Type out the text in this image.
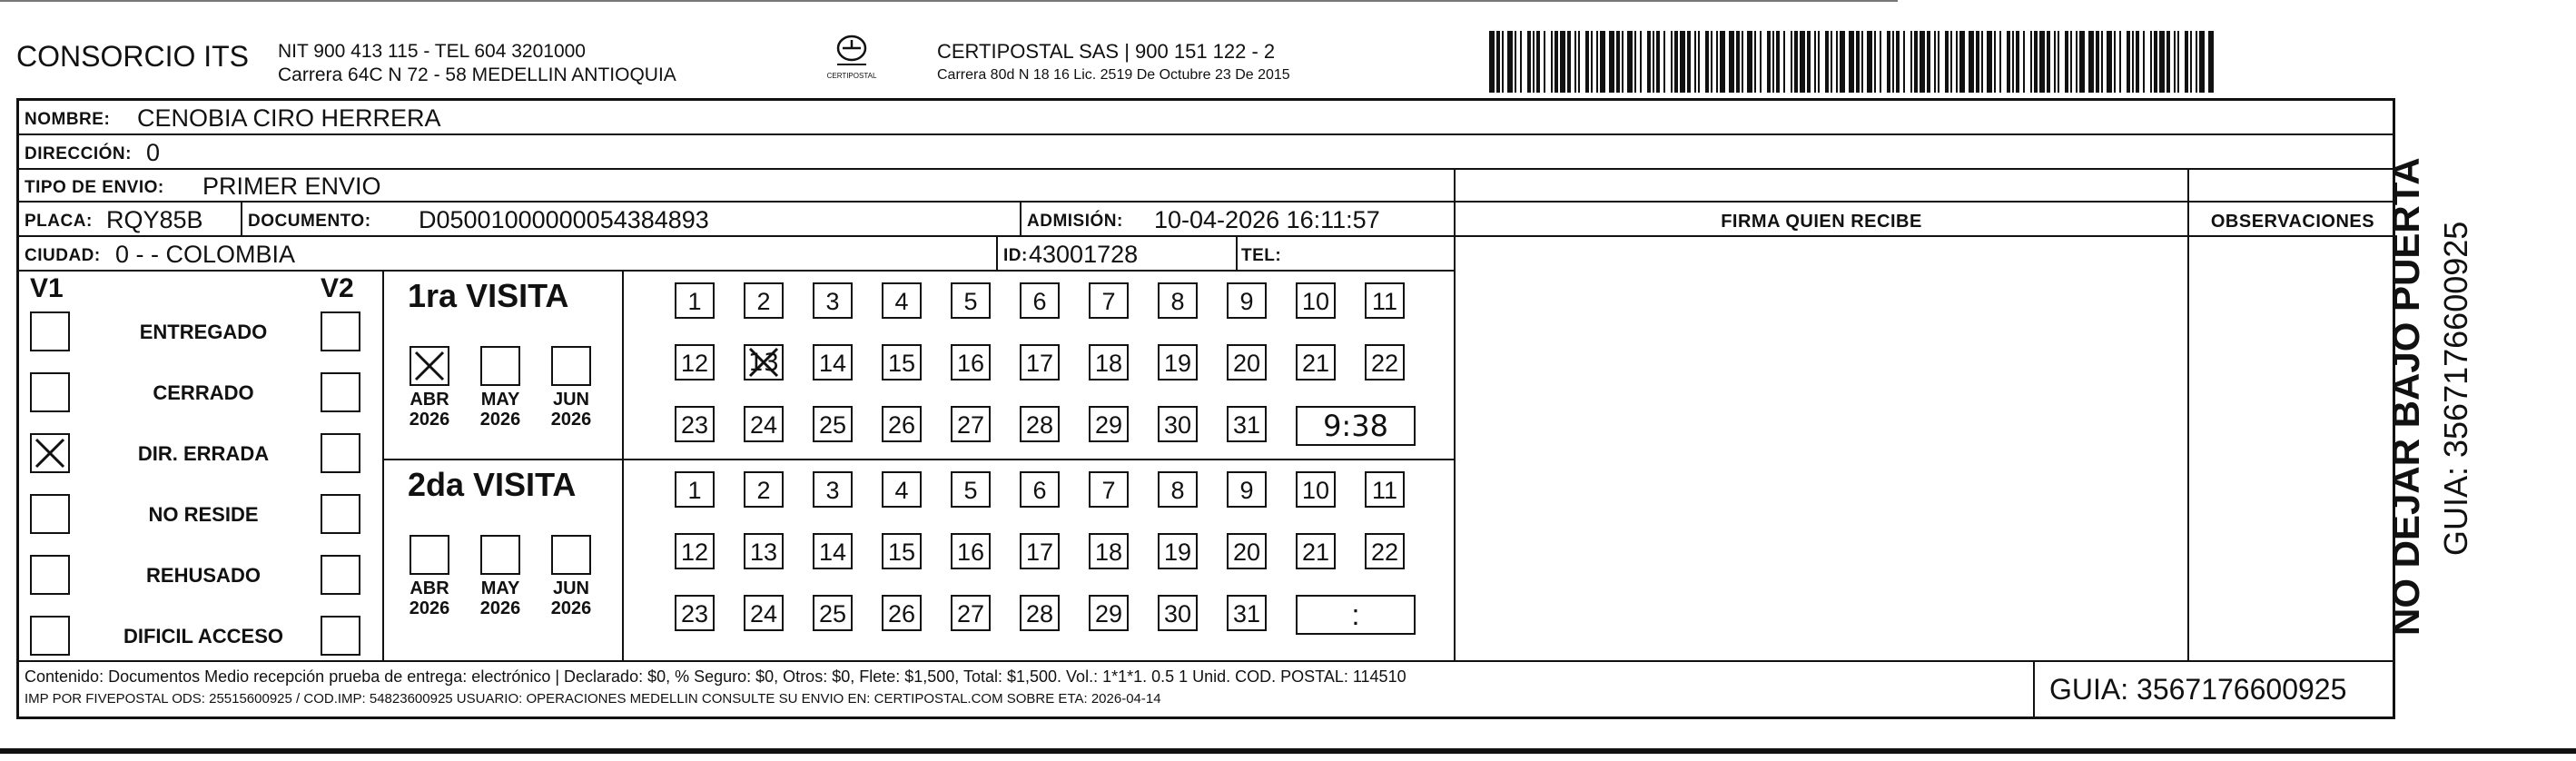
CONSORCIO ITS NIT 900 413 115 - TEL 604 3201000
Carrera 64C N 72 - 58 MEDELLIN ANTIOQUIA	CERTIPOSTAL
CERTIPOSTAL SAS | 900 151 122 - 2
Carrera 80d N 18 16 Lic. 2519 De Octubre 23 De 2015
NOMBRE: CENOBIA CIRO HERRERA
DIRECCIÓN: 0
TIPO DE ENVIO: PRIMER ENVIO
PLACA: RQY85B	DOCUMENTO: D05001000000054384893	ADMISIÓN: 10-04-2026 16:11:57
CIUDAD: 0 - - COLOMBIA	ID: 43001728	TEL:
FIRMA QUIEN RECIBE	OBSERVACIONES
V1	V2
ENTREGADO
CERRADO
DIR. ERRADA
NO RESIDE
REHUSADO
DIFICIL ACCESO
1ra VISITA
ABR
2026
MAY
2026
JUN
2026
1	2	3	4	5	6	7	8	9	10 11
12 13 14 15 16 17 18 19 20 21 22
23 24 25 26 27 28 29 30 31	9:38
2da VISITA
ABR
2026
MAY
2026
JUN
2026
1	2	3	4	5	6	7	8	9	10 11
12 13 14 15 16 17 18 19 20 21 22
23 24 25 26 27 28 29 30 31	:
Contenido: Documentos Medio recepción prueba de entrega: electrónico | Declarado: $0, % Seguro: $0, Otros: $0, Flete: $1,500, Total: $1,500. Vol.: 1*1*1. 0.5 1 Unid. COD. POSTAL: 114510
IMP POR FIVEPOSTAL ODS: 25515600925 / COD.IMP: 54823600925 USUARIO: OPERACIONES MEDELLIN CONSULTE SU ENVIO EN: CERTIPOSTAL.COM SOBRE ETA: 2026-04-14	GUIA: 3567176600925
NO DEJAR BAJO PUERTA GUIA: 3567176600925
